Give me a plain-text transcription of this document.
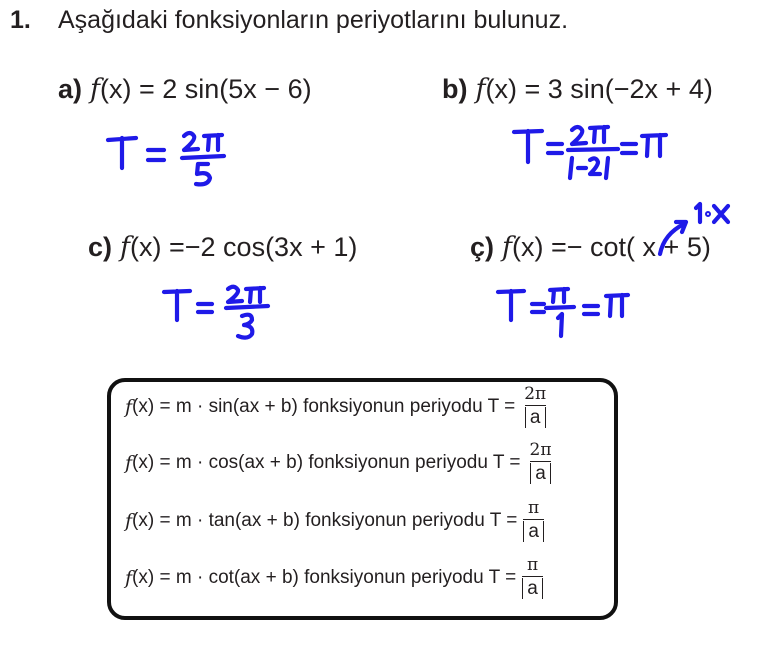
1. Aşağıdaki fonksiyonların periyotlarını bulunuz.
a) f(x) = 2 sin(5x − 6)	b) f(x) = 3 sin(−2x + 4)
c) f(x) =−2 cos(3x + 1)	ç) f(x) =− cot( x + 5)
f (x) = m · sin(ax + b) fonksiyonun periyodu $T = \frac{2\pi}{a}$
f (x) = m · cos(ax + b) fonksiyonun periyodu $T = \frac{2\pi}{a}$
f (x) = m · tan(ax + b) fonksiyonun periyodu $T = \frac{\pi}{a}$
f (x) = m · cot(ax + b) fonksiyonun periyodu $T = \frac{\pi}{a}$
